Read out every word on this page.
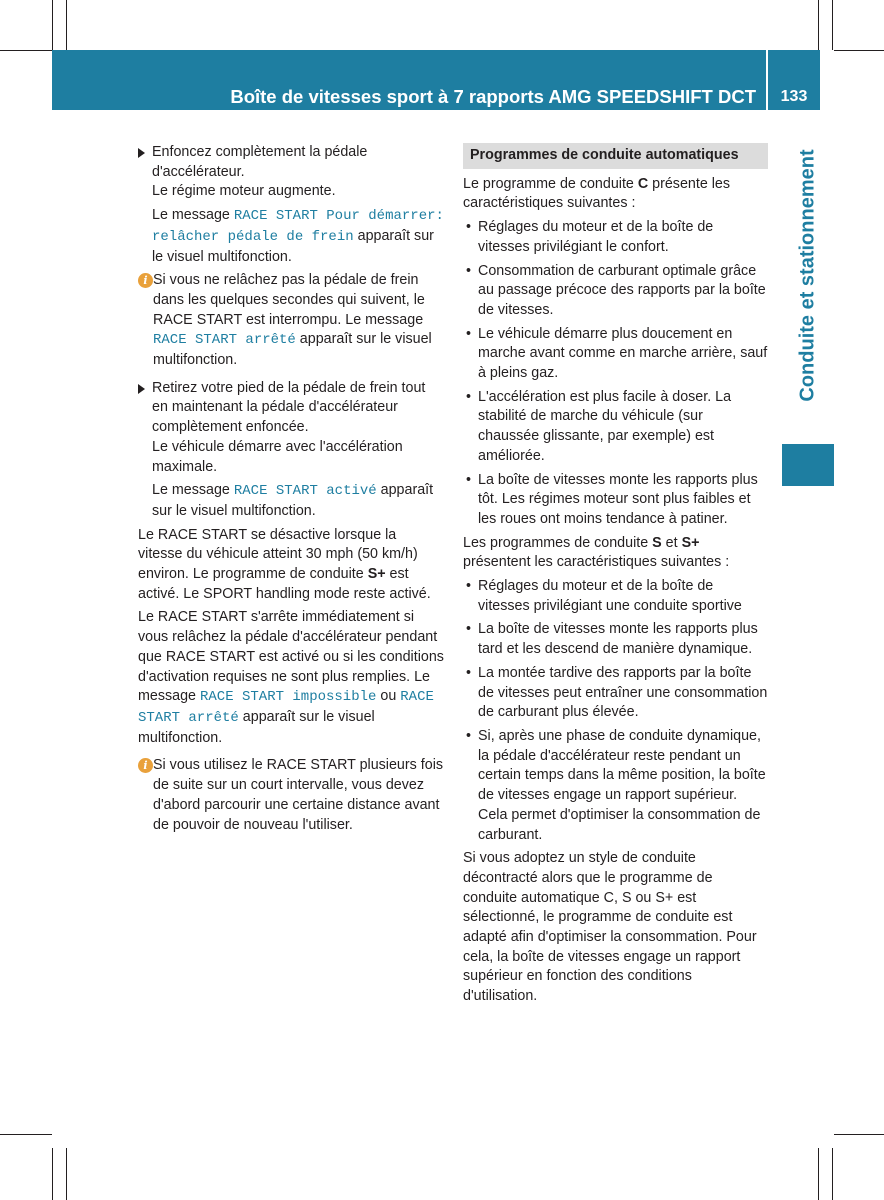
Boîte de vitesses sport à 7 rapports AMG SPEEDSHIFT DCT	133
Conduite et stationnement
Enfoncez complètement la pédale d'accélérateur.
Le régime moteur augmente.
Le message RACE START Pour démarrer: relâcher pédale de frein apparaît sur le visuel multifonction.
i Si vous ne relâchez pas la pédale de frein dans les quelques secondes qui suivent, le RACE START est interrompu. Le message RACE START arrêté apparaît sur le visuel multifonction.
Retirez votre pied de la pédale de frein tout en maintenant la pédale d'accélérateur complètement enfoncée.
Le véhicule démarre avec l'accélération maximale.
Le message RACE START activé apparaît sur le visuel multifonction.

Le RACE START se désactive lorsque la vitesse du véhicule atteint 30 mph (50 km/h) environ. Le programme de conduite S+ est activé. Le SPORT handling mode reste activé.

Le RACE START s'arrête immédiatement si vous relâchez la pédale d'accélérateur pendant que RACE START est activé ou si les conditions d'activation requises ne sont plus remplies. Le message RACE START impossible ou RACE START arrêté apparaît sur le visuel multifonction.

i Si vous utilisez le RACE START plusieurs fois de suite sur un court intervalle, vous devez d'abord parcourir une certaine distance avant de pouvoir de nouveau l'utiliser.
Programmes de conduite automatiques

Le programme de conduite C présente les caractéristiques suivantes :

• Réglages du moteur et de la boîte de vitesses privilégiant le confort.
• Consommation de carburant optimale grâce au passage précoce des rapports par la boîte de vitesses.
• Le véhicule démarre plus doucement en marche avant comme en marche arrière, sauf à pleins gaz.
• L'accélération est plus facile à doser. La stabilité de marche du véhicule (sur chaussée glissante, par exemple) est améliorée.
• La boîte de vitesses monte les rapports plus tôt. Les régimes moteur sont plus faibles et les roues ont moins tendance à patiner.

Les programmes de conduite S et S+ présentent les caractéristiques suivantes :

• Réglages du moteur et de la boîte de vitesses privilégiant une conduite sportive
• La boîte de vitesses monte les rapports plus tard et les descend de manière dynamique.
• La montée tardive des rapports par la boîte de vitesses peut entraîner une consommation de carburant plus élevée.
• Si, après une phase de conduite dynamique, la pédale d'accélérateur reste pendant un certain temps dans la même position, la boîte de vitesses engage un rapport supérieur. Cela permet d'optimiser la consommation de carburant.

Si vous adoptez un style de conduite décontracté alors que le programme de conduite automatique C, S ou S+ est sélectionné, le programme de conduite est adapté afin d'optimiser la consommation. Pour cela, la boîte de vitesses engage un rapport supérieur en fonction des conditions d'utilisation.
